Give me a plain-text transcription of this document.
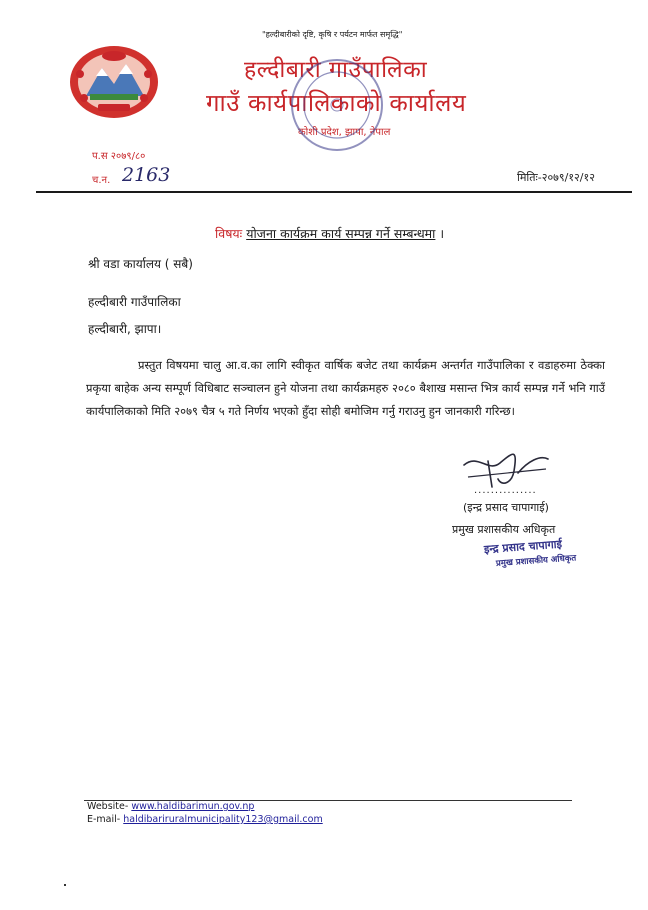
"हल्दीबारीको दृष्टि, कृषि र पर्यटन मार्फत समृद्धि"
हल्दीबारी गाउँपालिका
गाउँ कार्यपालिकाको कार्यालय
कोशी प्रदेश, झापा, नेपाल
प.स २०७९/८०
च.न. 2163	मितिः-२०७९/१२/१२
विषयः योजना कार्यक्रम कार्य सम्पन्न गर्ने सम्बन्धमा ।
श्री वडा कार्यालय ( सबै)
हल्दीबारी गाउँपालिका
हल्दीबारी, झापा।
प्रस्तुत विषयमा चालु आ.व.का लागि स्वीकृत वार्षिक बजेट तथा कार्यक्रम अन्तर्गत गाउँपालिका र वडाहरुमा ठेक्का प्रकृया बाहेक अन्य सम्पूर्ण विधिबाट सञ्चालन हुने योजना तथा कार्यक्रमहरु २०८० बैशाख मसान्त भित्र कार्य सम्पन्न गर्ने भनि गाउँ कार्यपालिकाको मिति २०७९ चैत्र ५ गते निर्णय भएको हुँदा सोही बमोजिम गर्नु गराउनु हुन जानकारी गरिन्छ।
...............
(इन्द्र प्रसाद चापागाई)
प्रमुख प्रशासकीय अधिकृत
इन्द्र प्रसाद चापागाई
प्रमुख प्रशासकीय अधिकृत
Website- www.haldibarimun.gov.np
E-mail- haldibariruralmunicipality123@gmail.com
